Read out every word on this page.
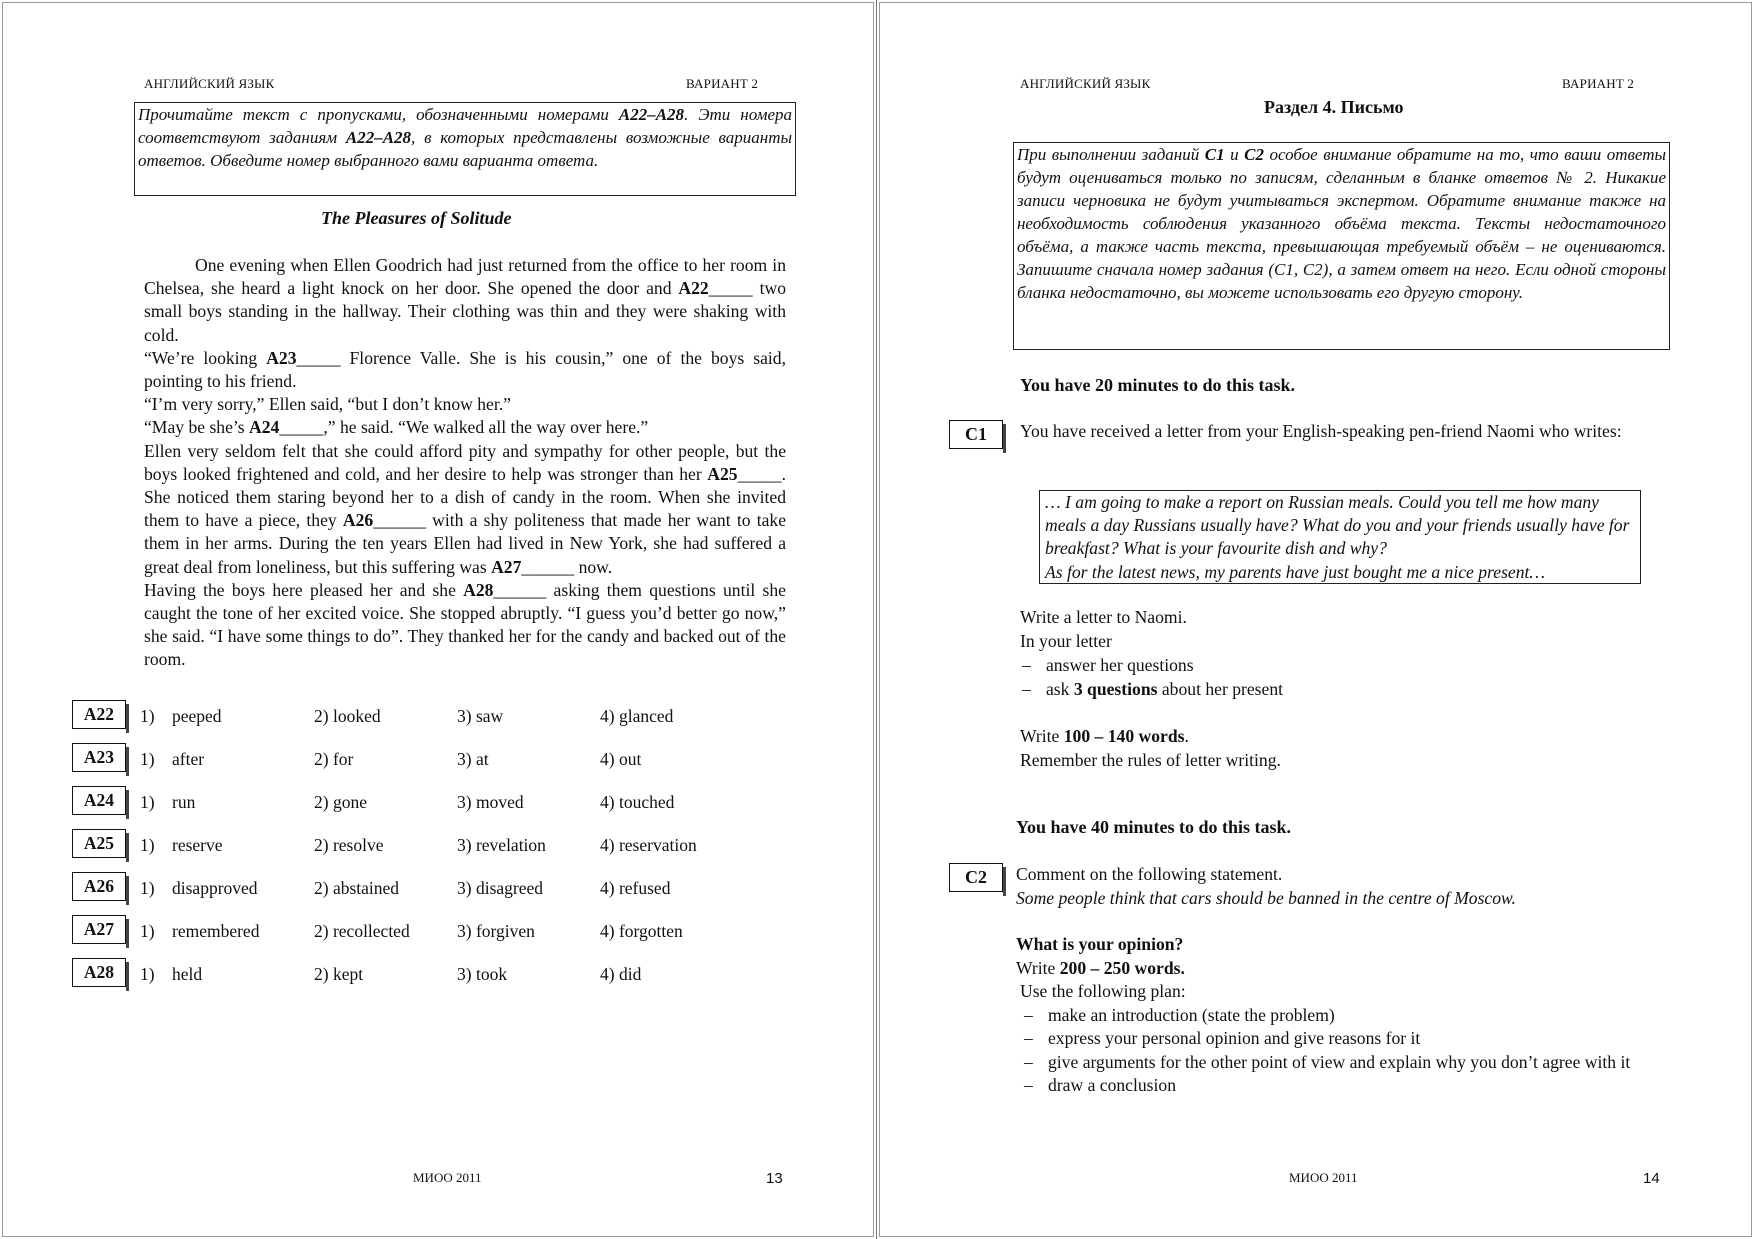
АНГЛИЙСКИЙ ЯЗЫК	ВАРИАНТ 2
Прочитайте текст с пропусками, обозначенными номерами A22–A28. Эти номера соответствуют заданиям A22–A28, в которых представлены возможные варианты ответов. Обведите номер выбранного вами варианта ответа.
The Pleasures of Solitude

One evening when Ellen Goodrich had just returned from the office to her room in Chelsea, she heard a light knock on her door. She opened the door and A22_____ two small boys standing in the hallway. Their clothing was thin and they were shaking with cold.

“We’re looking A23_____ Florence Valle. She is his cousin,” one of the boys said, pointing to his friend.

“I’m very sorry,” Ellen said, “but I don’t know her.”

“May be she’s A24_____,” he said. “We walked all the way over here.”

Ellen very seldom felt that she could afford pity and sympathy for other people, but the boys looked frightened and cold, and her desire to help was stronger than her A25_____. She noticed them staring beyond her to a dish of candy in the room. When she invited them to have a piece, they A26______ with a shy politeness that made her want to take them in her arms. During the ten years Ellen had lived in New York, she had suffered a great deal from loneliness, but this suffering was A27______ now.

Having the boys here pleased her and she A28______ asking them questions until she caught the tone of her excited voice. She stopped abruptly. “I guess you’d better go now,” she said. “I have some things to do”. They thanked her for the candy and backed out of the room.

A22	1) peeped	2) looked	3) saw	4) glanced
A23	1) after	2) for	3) at	4) out
A24	1) run	2) gone	3) moved	4) touched
A25	1) reserve	2) resolve	3) revelation	4) reservation
A26	1) disapproved	2) abstained	3) disagreed	4) refused
A27	1) remembered	2) recollected	3) forgiven	4) forgotten
A28	1) held	2) kept	3) took	4) did
МИОО 2011	13
АНГЛИЙСКИЙ ЯЗЫК	ВАРИАНТ 2
Раздел 4. Письмо
При выполнении заданий С1 и С2 особое внимание обратите на то, что ваши ответы будут оцениваться только по записям, сделанным в бланке ответов № 2. Никакие записи черновика не будут учитываться экспертом. Обратите внимание также на необходимость соблюдения указанного объёма текста. Тексты недостаточного объёма, а также часть текста, превышающая требуемый объём – не оцениваются. Запишите сначала номер задания (С1, С2), а затем ответ на него. Если одной стороны бланка недостаточно, вы можете использовать его другую сторону.
You have 20 minutes to do this task.
C1	You have received a letter from your English-speaking pen-friend Naomi who writes:

… I am going to make a report on Russian meals. Could you tell me how many meals a day Russians usually have? What do you and your friends usually have for breakfast? What is your favourite dish and why?

As for the latest news, my parents have just bought me a nice present…

Write a letter to Naomi.
In your letter
– answer her questions
– ask 3 questions about her present
Write 100 – 140 words.
Remember the rules of letter writing.
You have 40 minutes to do this task.
C2	Comment on the following statement.
Some people think that cars should be banned in the centre of Moscow.
What is your opinion?
Write 200 – 250 words.
Use the following plan:
– make an introduction (state the problem)
– express your personal opinion and give reasons for it
– give arguments for the other point of view and explain why you don’t agree with it
– draw a conclusion
МИОО 2011	14
